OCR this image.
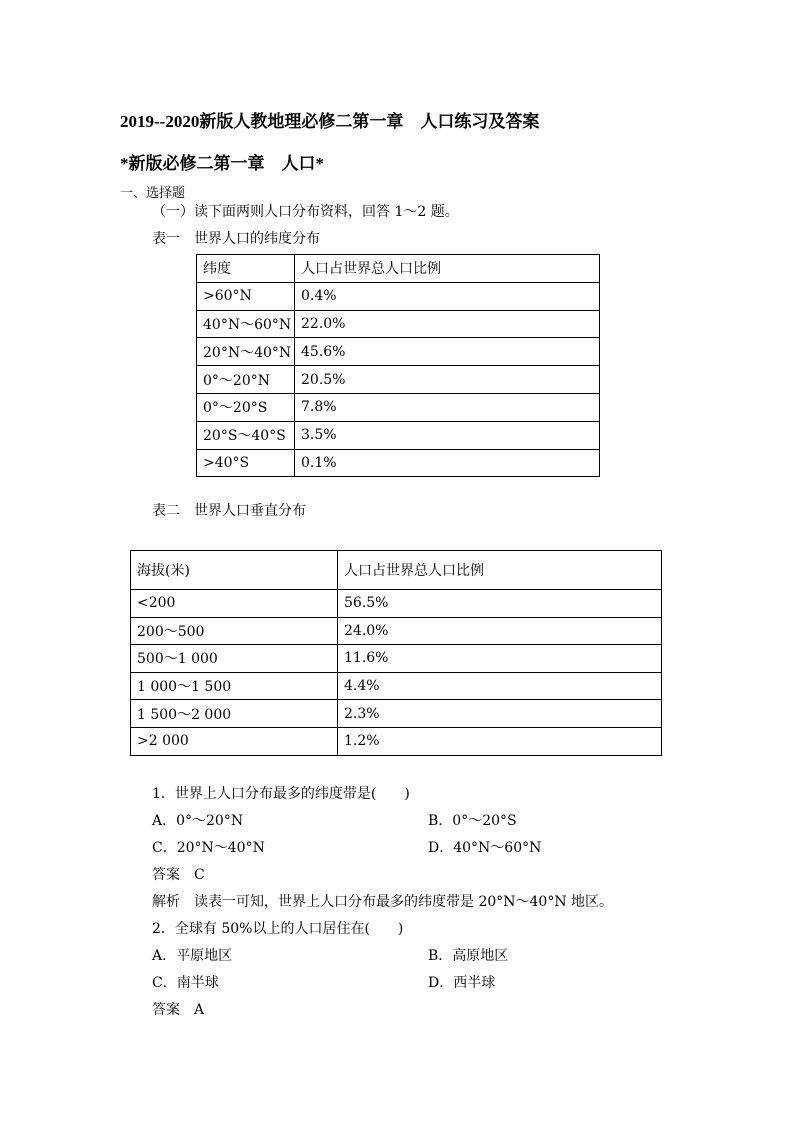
2019--2020新版人教地理必修二第一章　人口练习及答案
*新版必修二第一章　人口*
一、选择题
（一）读下面两则人口分布资料，回答 1～2 题。
表一　世界人口的纬度分布
纬度	人口占世界总人口比例
>60°N	0.4%
40°N～60°N	22.0%
20°N～40°N	45.6%
0°～20°N	20.5%
0°～20°S	7.8%
20°S～40°S	3.5%
>40°S	0.1%
表二　世界人口垂直分布
海拔(米)	人口占世界总人口比例
<200	56.5%
200～500	24.0%
500～1 000	11.6%
1 000～1 500	4.4%
1 500～2 000	2.3%
>2 000	1.2%
1．世界上人口分布最多的纬度带是(　　)
A．0°～20°N	B．0°～20°S
C．20°N～40°N	D．40°N～60°N
答案　C
解析　读表一可知，世界上人口分布最多的纬度带是 20°N～40°N 地区。
2．全球有 50%以上的人口居住在(　　)
A．平原地区	B．高原地区
C．南半球	D．西半球
答案　A
